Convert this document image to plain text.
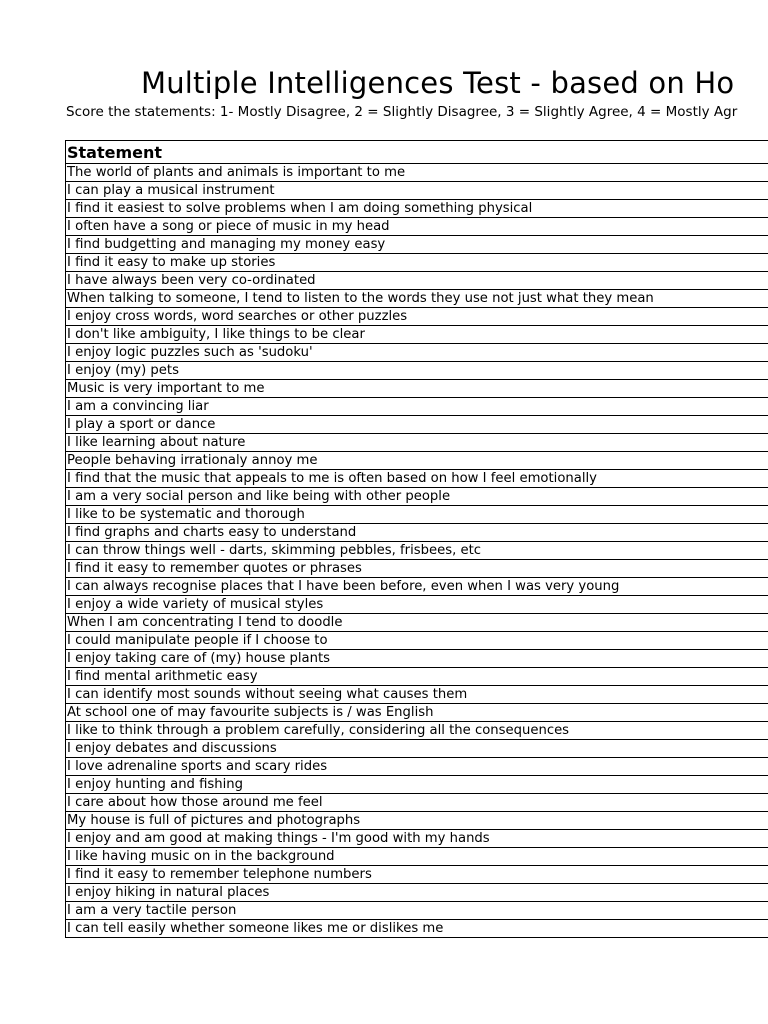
Multiple Intelligences Test - based on Ho
Score the statements: 1- Mostly Disagree, 2 = Slightly Disagree, 3 = Slightly Agree, 4 = Mostly Agr
Statement
The world of plants and animals is important to me
I can play a musical instrument
I find it easiest to solve problems when I am doing something physical
I often have a song or piece of music in my head
I find budgetting and managing my money easy
I find it easy to make up stories
I have always been very co-ordinated
When talking to someone, I tend to listen to the words they use not just what they mean
I enjoy cross words, word searches or other puzzles
I don't like ambiguity, I like things to be clear
I enjoy logic puzzles such as 'sudoku'
I enjoy (my) pets
Music is very important to me
I am a convincing liar
I play a sport or dance
I like learning about nature
People behaving irrationaly annoy me
I find that the music that appeals to me is often based on how I feel emotionally
I am a very social person and like being with other people
I like to be systematic and thorough
I find graphs and charts easy to understand
I can throw things well - darts, skimming pebbles, frisbees, etc
I find it easy to remember quotes or phrases
I can always recognise places that I have been before, even when I was very young
I enjoy a wide variety of musical styles
When I am concentrating I tend to doodle
I could manipulate people if I choose to
I enjoy taking care of (my) house plants
I find mental arithmetic easy
I can identify most sounds without seeing what causes them
At school one of may favourite subjects is / was English
I like to think through a problem carefully, considering all the consequences
I enjoy debates and discussions
I love adrenaline sports and scary rides
I enjoy hunting and fishing
I care about how those around me feel
My house is full of pictures and photographs
I enjoy and am good at making things - I'm good with my hands
I like having music on in the background
I find it easy to remember telephone numbers
I enjoy hiking in natural places
I am a very tactile person
I can tell easily whether someone likes me or dislikes me
